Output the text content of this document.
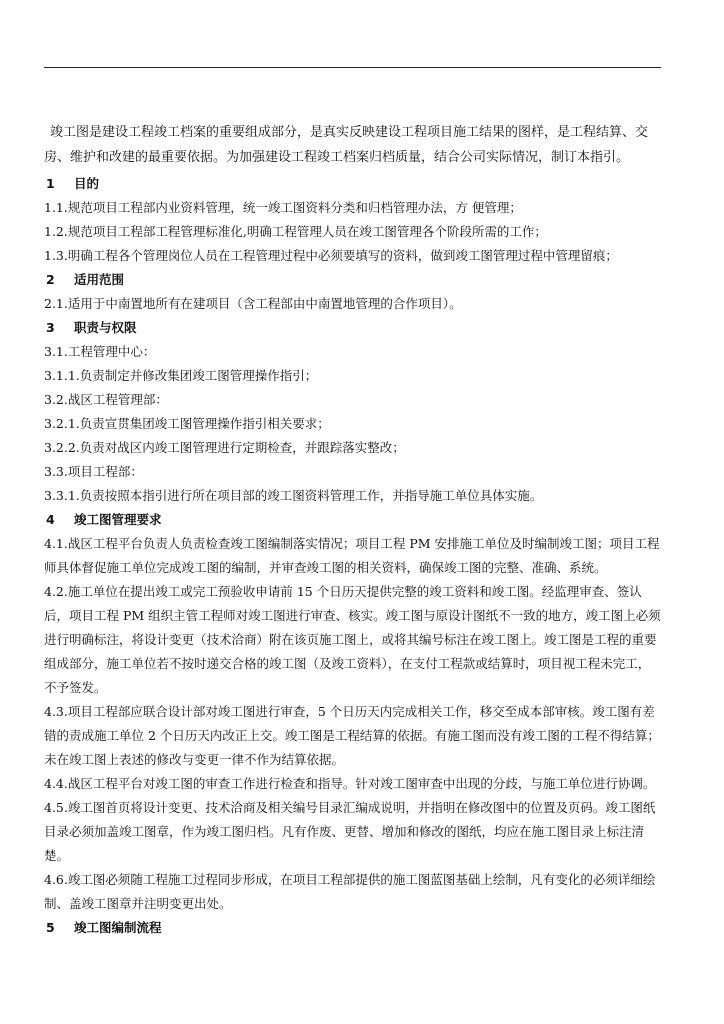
竣工图是建设工程竣工档案的重要组成部分，是真实反映建设工程项目施工结果的图样，是工程结算、交房、维护和改建的最重要依据。为加强建设工程竣工档案归档质量，结合公司实际情况，制订本指引。

1 目的

1.1.规范项目工程部内业资料管理，统一竣工图资料分类和归档管理办法，方 便管理；

1.2.规范项目工程部工程管理标准化,明确工程管理人员在竣工图管理各个阶段所需的工作；

1.3.明确工程各个管理岗位人员在工程管理过程中必须要填写的资料，做到竣工图管理过程中管理留痕；

2 适用范围

2.1.适用于中南置地所有在建项目（含工程部由中南置地管理的合作项目）。

3 职责与权限

3.1.工程管理中心：

3.1.1.负责制定并修改集团竣工图管理操作指引；

3.2.战区工程管理部：

3.2.1.负责宣贯集团竣工图管理操作指引相关要求；

3.2.2.负责对战区内竣工图管理进行定期检查，并跟踪落实整改；

3.3.项目工程部：

3.3.1.负责按照本指引进行所在项目部的竣工图资料管理工作，并指导施工单位具体实施。

4 竣工图管理要求

4.1.战区工程平台负责人负责检查竣工图编制落实情况；项目工程 PM 安排施工单位及时编制竣工图；项目工程师具体督促施工单位完成竣工图的编制，并审查竣工图的相关资料，确保竣工图的完整、准确、系统。

4.2.施工单位在提出竣工或完工预验收申请前 15 个日历天提供完整的竣工资料和竣工图。经监理审查、签认后，项目工程 PM 组织主管工程师对竣工图进行审查、核实。竣工图与原设计图纸不一致的地方，竣工图上必须进行明确标注，将设计变更（技术洽商）附在该页施工图上，或将其编号标注在竣工图上。竣工图是工程的重要组成部分，施工单位若不按时递交合格的竣工图（及竣工资料），在支付工程款或结算时，项目视工程未完工，不予签发。

4.3.项目工程部应联合设计部对竣工图进行审查，5 个日历天内完成相关工作，移交至成本部审核。竣工图有差错的责成施工单位 2 个日历天内改正上交。竣工图是工程结算的依据。有施工图而没有竣工图的工程不得结算；未在竣工图上表述的修改与变更一律不作为结算依据。

4.4.战区工程平台对竣工图的审查工作进行检查和指导。针对竣工图审查中出现的分歧，与施工单位进行协调。

4.5.竣工图首页将设计变更、技术洽商及相关编号目录汇编成说明，并指明在修改图中的位置及页码。竣工图纸目录必须加盖竣工图章，作为竣工图归档。凡有作废、更替、增加和修改的图纸，均应在施工图目录上标注清楚。

4.6.竣工图必须随工程施工过程同步形成，在项目工程部提供的施工图蓝图基础上绘制，凡有变化的必须详细绘制、盖竣工图章并注明变更出处。

5 竣工图编制流程
